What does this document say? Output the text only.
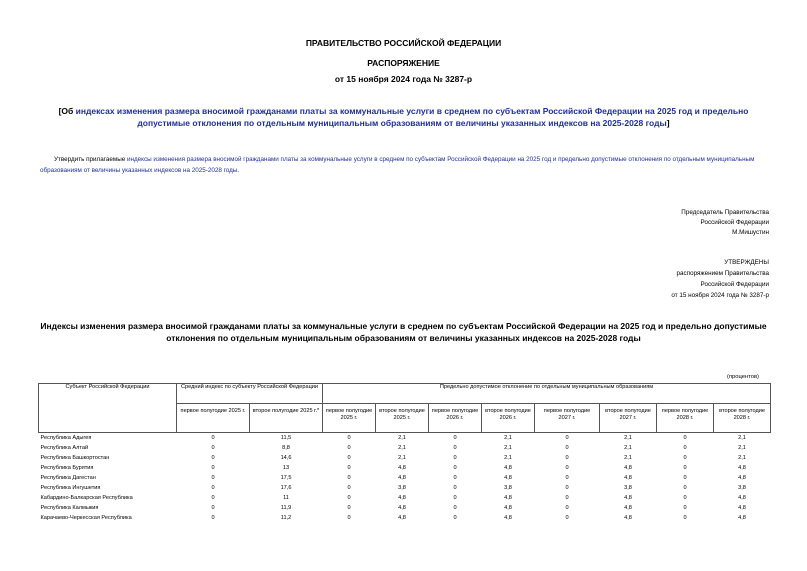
ПРАВИТЕЛЬСТВО РОССИЙСКОЙ ФЕДЕРАЦИИ
РАСПОРЯЖЕНИЕ
от 15 ноября 2024 года № 3287-р
[Об индексах изменения размера вносимой гражданами платы за коммунальные услуги в среднем по субъектам Российской Федерации на 2025 год и предельно допустимые отклонения по отдельным муниципальным образованиям от величины указанных индексов на 2025-2028 годы]
Утвердить прилагаемые индексы изменения размера вносимой гражданами платы за коммунальные услуги в среднем по субъектам Российской Федерации на 2025 год и предельно допустимые отклонения по отдельным муниципальным образованиям от величины указанных индексов на 2025-2028 годы.
Председатель Правительства
Российской Федерации
М.Мишустин
УТВЕРЖДЕНЫ
распоряжением Правительства
Российской Федерации
от 15 ноября 2024 года № 3287-р
Индексы изменения размера вносимой гражданами платы за коммунальные услуги в среднем по субъектам Российской Федерации на 2025 год и предельно допустимые отклонения по отдельным муниципальным образованиям от величины указанных индексов на 2025-2028 годы
(процентов)
Субъект Российской Федерации	Средний индекс по субъекту Российской Федерации		Предельно допустимое отклонение по отдельным муниципальным образованиям							
	первое полугодие 2025 г.	второе полугодие 2025 г.*	первое полугодие 2025 г.	второе полугодие 2025 г.	первое полугодие 2026 г.	второе полугодие 2026 г.	первое полугодие 2027 г.	второе полугодие 2027 г.	первое полугодие 2028 г.	второе полугодие 2028 г.
Республика Адыгея	0	11,5	0	2,1	0	2,1	0	2,1	0	2,1
Республика Алтай	0	8,8	0	2,1	0	2,1	0	2,1	0	2,1
Республика Башкортостан	0	14,6	0	2,1	0	2,1	0	2,1	0	2,1
Республика Бурятия	0	13	0	4,8	0	4,8	0	4,8	0	4,8
Республика Дагестан	0	17,5	0	4,8	0	4,8	0	4,8	0	4,8
Республика Ингушетия	0	17,6	0	3,8	0	3,8	0	3,8	0	3,8
Кабардино-Балкарская Республика	0	11	0	4,8	0	4,8	0	4,8	0	4,8
Республика Калмыкия	0	11,9	0	4,8	0	4,8	0	4,8	0	4,8
Карачаево-Черкесская Республика	0	11,2	0	4,8	0	4,8	0	4,8	0	4,8
